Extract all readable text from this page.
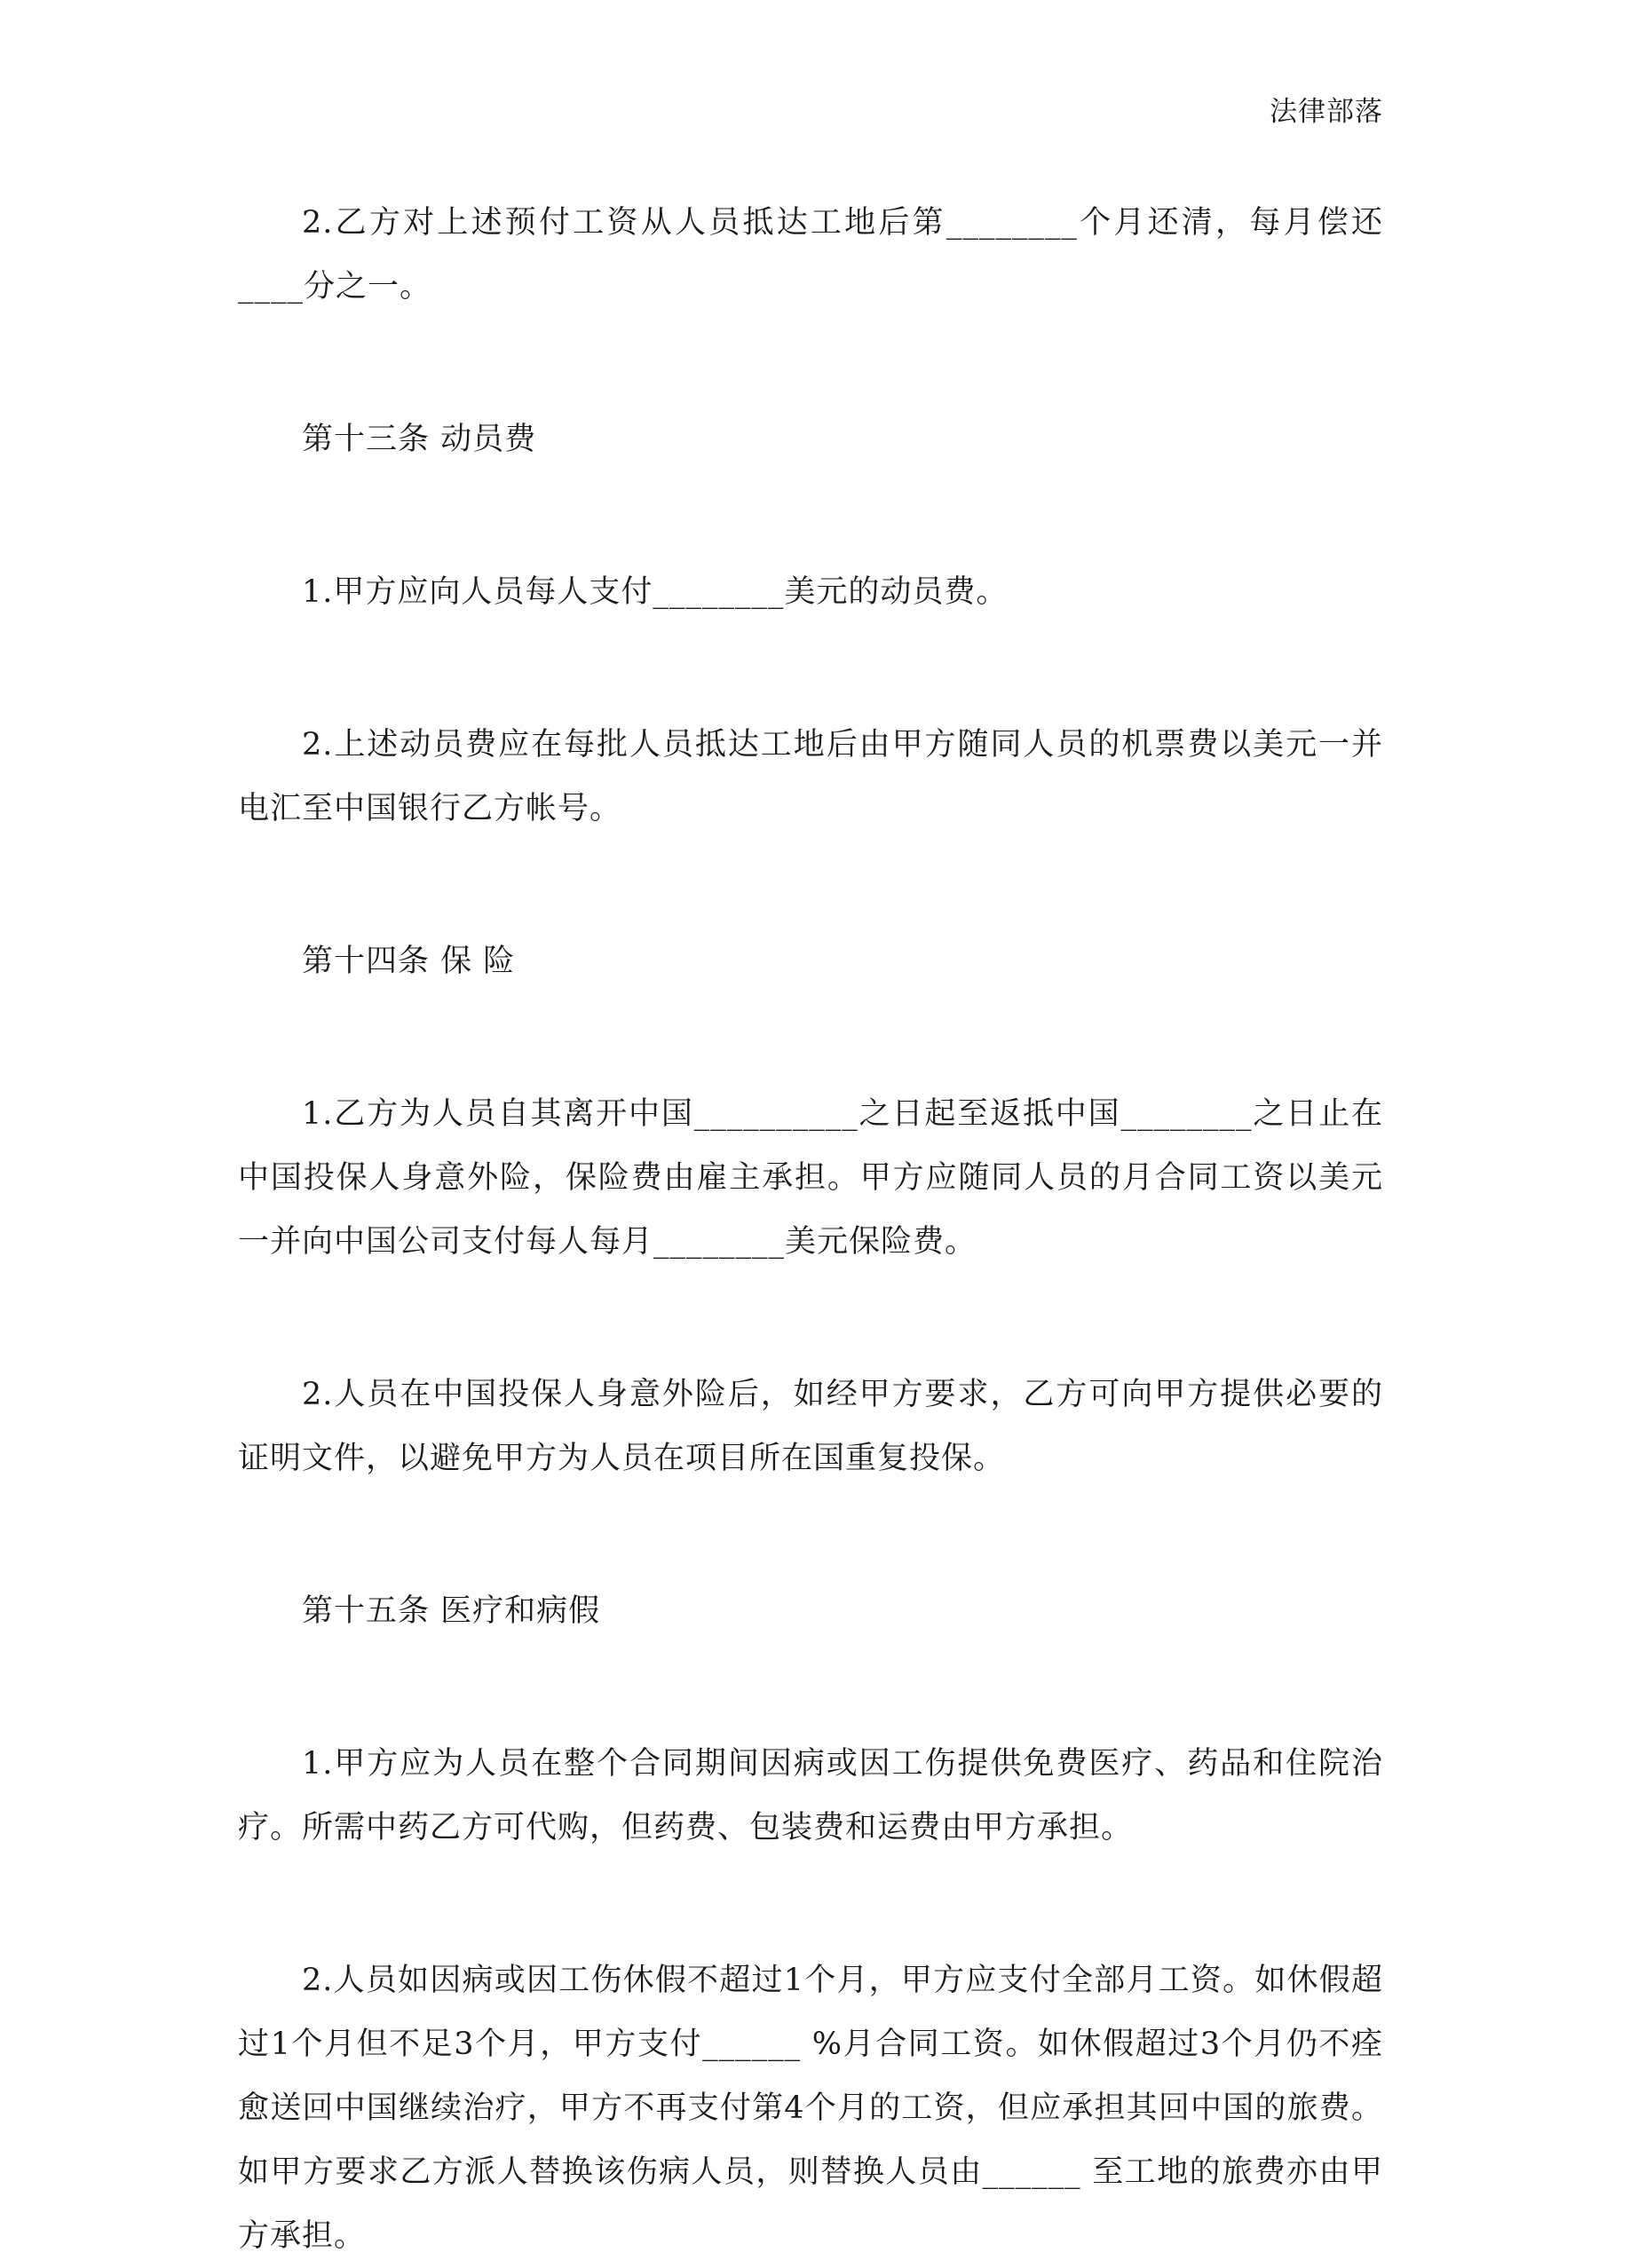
法律部落

2.乙方对上述预付工资从人员抵达工地后第________个月还清，每月偿还____分之一。

第十三条 动员费

1.甲方应向人员每人支付________美元的动员费。

2.上述动员费应在每批人员抵达工地后由甲方随同人员的机票费以美元一并电汇至中国银行乙方帐号。

第十四条 保 险

1.乙方为人员自其离开中国__________之日起至返抵中国________之日止在中国投保人身意外险，保险费由雇主承担。甲方应随同人员的月合同工资以美元一并向中国公司支付每人每月________美元保险费。

2.人员在中国投保人身意外险后，如经甲方要求，乙方可向甲方提供必要的证明文件，以避免甲方为人员在项目所在国重复投保。

第十五条 医疗和病假

1.甲方应为人员在整个合同期间因病或因工伤提供免费医疗、药品和住院治疗。所需中药乙方可代购，但药费、包装费和运费由甲方承担。

2.人员如因病或因工伤休假不超过1个月，甲方应支付全部月工资。如休假超过1个月但不足3个月，甲方支付______ %月合同工资。如休假超过3个月仍不痊愈送回中国继续治疗，甲方不再支付第4个月的工资，但应承担其回中国的旅费。如甲方要求乙方派人替换该伤病人员，则替换人员由______ 至工地的旅费亦由甲方承担。
